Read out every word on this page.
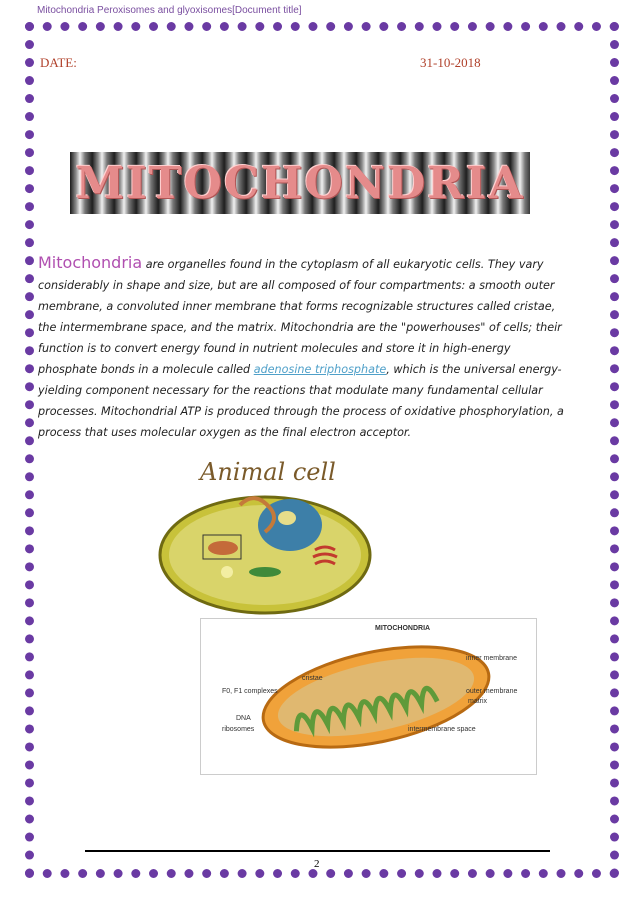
Mitochondria Peroxisomes and glyoxisomes[Document title]
DATE:	31-10-2018
MITOCHONDRIA
Mitochondria are organelles found in the cytoplasm of all eukaryotic cells. They vary considerably in shape and size, but are all composed of four compartments: a smooth outer membrane, a convoluted inner membrane that forms recognizable structures called cristae, the intermembrane space, and the matrix. Mitochondria are the "powerhouses" of cells; their function is to convert energy found in nutrient molecules and store it in high-energy phosphate bonds in a molecule called adenosine triphosphate, which is the universal energy-yielding component necessary for the reactions that modulate many fundamental cellular processes. Mitochondrial ATP is produced through the process of oxidative phosphorylation, a process that uses molecular oxygen as the final electron acceptor.
Animal cell
MITOCHONDRIA
inner membrane
cristae
F0, F1 complexes	outer membrane
matrix
DNA
ribosomes	intermembrane space
2
